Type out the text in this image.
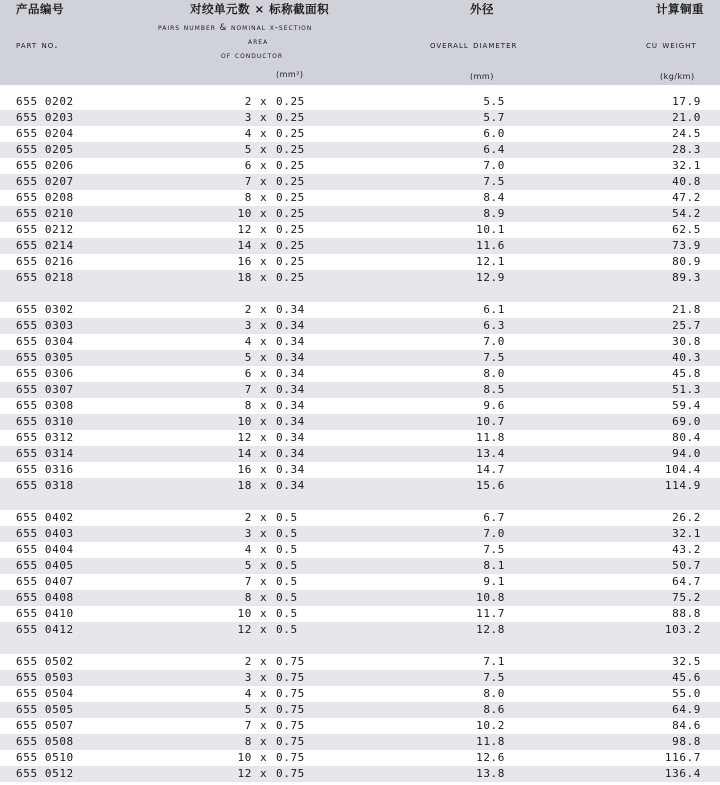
产品编号
part no.
对绞单元数 × 标称截面积
pairs number & nominal x-section
area
of conductor
(mm²)
外径
overall diameter
(mm)
计算铜重
cu weight
(kg/km)
655 0202	2 x 0.25	5.5	17.9
655 0203	3 x 0.25	5.7	21.0
655 0204	4 x 0.25	6.0	24.5
655 0205	5 x 0.25	6.4	28.3
655 0206	6 x 0.25	7.0	32.1
655 0207	7 x 0.25	7.5	40.8
655 0208	8 x 0.25	8.4	47.2
655 0210	10 x 0.25	8.9	54.2
655 0212	12 x 0.25	10.1	62.5
655 0214	14 x 0.25	11.6	73.9
655 0216	16 x 0.25	12.1	80.9
655 0218	18 x 0.25	12.9	89.3
655 0302	2 x 0.34	6.1	21.8
655 0303	3 x 0.34	6.3	25.7
655 0304	4 x 0.34	7.0	30.8
655 0305	5 x 0.34	7.5	40.3
655 0306	6 x 0.34	8.0	45.8
655 0307	7 x 0.34	8.5	51.3
655 0308	8 x 0.34	9.6	59.4
655 0310	10 x 0.34	10.7	69.0
655 0312	12 x 0.34	11.8	80.4
655 0314	14 x 0.34	13.4	94.0
655 0316	16 x 0.34	14.7	104.4
655 0318	18 x 0.34	15.6	114.9
655 0402	2 x 0.5	6.7	26.2
655 0403	3 x 0.5	7.0	32.1
655 0404	4 x 0.5	7.5	43.2
655 0405	5 x 0.5	8.1	50.7
655 0407	7 x 0.5	9.1	64.7
655 0408	8 x 0.5	10.8	75.2
655 0410	10 x 0.5	11.7	88.8
655 0412	12 x 0.5	12.8	103.2
655 0502	2 x 0.75	7.1	32.5
655 0503	3 x 0.75	7.5	45.6
655 0504	4 x 0.75	8.0	55.0
655 0505	5 x 0.75	8.6	64.9
655 0507	7 x 0.75	10.2	84.6
655 0508	8 x 0.75	11.8	98.8
655 0510	10 x 0.75	12.6	116.7
655 0512	12 x 0.75	13.8	136.4
